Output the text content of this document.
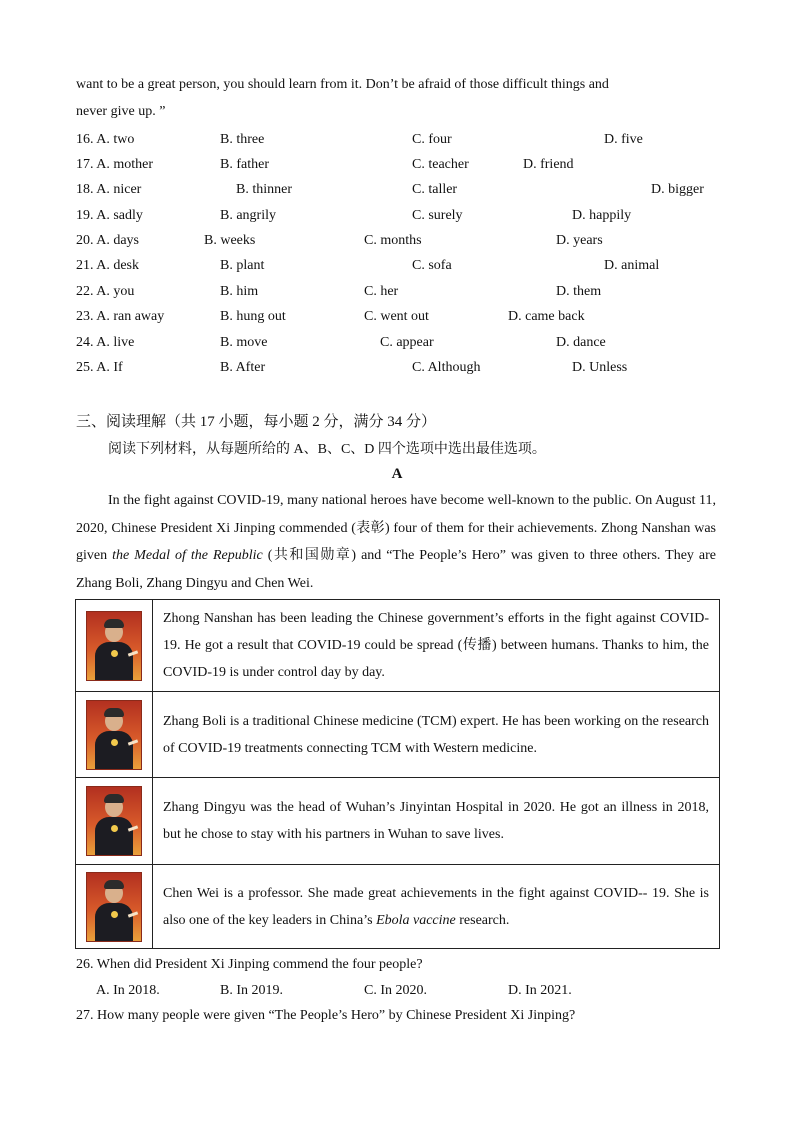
want to be a great person, you should learn from it. Don’t be afraid of those difficult things and
never give up. ”
16. A. two	B. three	C. four	D. five
17. A. mother	B. father	C. teacher	D. friend
18. A. nicer	B. thinner	C. taller	D. bigger
19. A. sadly	B. angrily	C. surely	D. happily
20. A. days	B. weeks	C. months	D. years
21. A. desk	B. plant	C. sofa	D. animal
22. A. you	B. him	C. her	D. them
23. A. ran away	B. hung out	C. went out	D. came back
24. A. live	B. move	C. appear	D. dance
25. A. If	B. After	C. Although	D. Unless
三、阅读理解（共 17 小题，每小题 2 分，满分 34 分）
阅读下列材料，从每题所给的 A、B、C、D 四个选项中选出最佳选项。
A
In the fight against COVID-19, many national heroes have become well-known to the public. On August 11, 2020, Chinese President Xi Jinping commended (表彰) four of them for their achievements. Zhong Nanshan was given the Medal of the Republic (共和国勋章) and “The People’s Hero” was given to three others. They are Zhang Boli, Zhang Dingyu and Chen Wei.
	Zhong Nanshan has been leading the Chinese government’s efforts in the fight against COVID-19. He got a result that COVID-19 could be spread (传播) between humans. Thanks to him, the COVID-19 is under control day by day.

	Zhang Boli is a traditional Chinese medicine (TCM) expert. He has been working on the research of COVID-19 treatments connecting TCM with Western medicine.

	Zhang Dingyu was the head of Wuhan’s Jinyintan Hospital in 2020. He got an illness in 2018, but he chose to stay with his partners in Wuhan to save lives.

	Chen Wei is a professor. She made great achievements in the fight against COVID-- 19. She is also one of the key leaders in China’s Ebola vaccine research.
26. When did President Xi Jinping commend the four people?
A. In 2018.	B. In 2019.	C. In 2020.	D. In 2021.
27. How many people were given “The People’s Hero” by Chinese President Xi Jinping?
